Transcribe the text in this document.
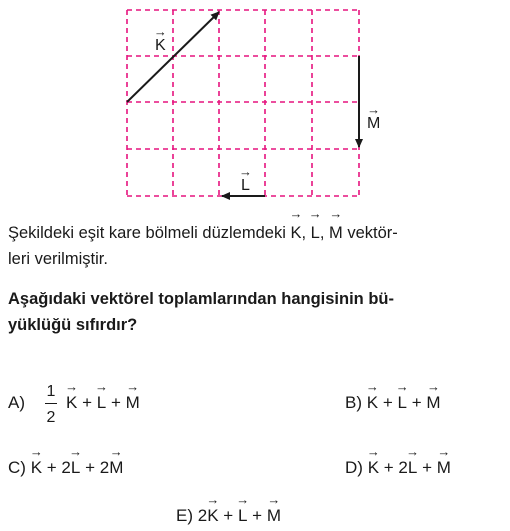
→ K
→ M
→ L
Şekildeki eşit kare bölmeli düzlemdeki → K, → L, → M vektör-
leri verilmiştir.
Aşağıdaki vektörel toplamlarından hangisinin bü-
yüklüğü sıfırdır?
A)
1
2
→ K + → L + → M	B) → K + → L + → M
C) → K + 2→ L + 2→ M	D) → K + 2→ L + → M
E) 2→ K + → L + → M
